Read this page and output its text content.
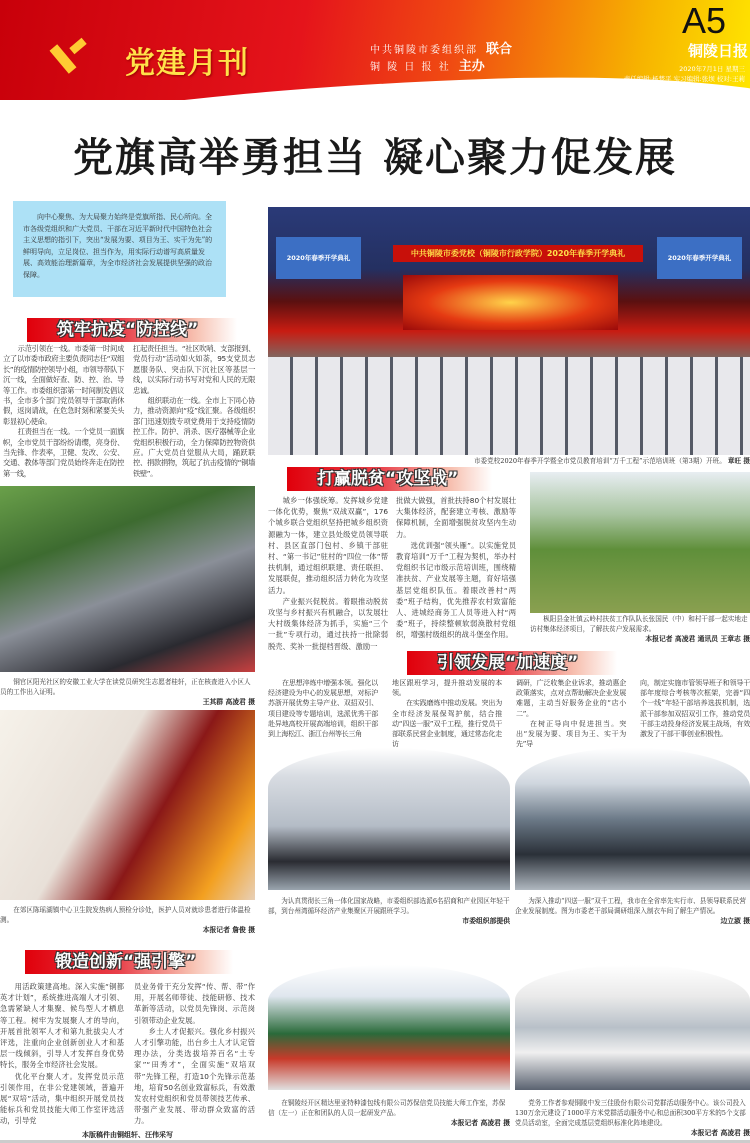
党建月刊	中共铜陵市委组织部 联合
铜 陵 日 报 社 主办
A5
铜陵日报
2020年7月1日 星期三
责任编辑:杨梦平 实习编辑:张坝 校对:王莉
党旗高举勇担当 凝心聚力促发展
向中心聚焦、为大局聚力始终是党旗所指、民心所向。全市各级党组织和广大党员、干部在习近平新时代中国特色社会主义思想的指引下，突出“发展为要、项目为王、实干为先”的鲜明导向，立足岗位、担当作为，用实际行动谱写高质量发展、高效能治理新篇章，为全市经济社会发展提供坚强的政治保障。
2020年春季开学典礼	2020年春季开学典礼
中共铜陵市委党校（铜陵市行政学院）2020年春季开学典礼
市委党校2020年春季开学暨全市党员教育培训“万千工程”示范培训班（第3期）开班。 章旺 摄
筑牢抗疫“防控线”

示范引领在一线。市委第一时间成立了以市委市政府主要负责同志任“双组长”的疫情防控领导小组，市领导带队下沉一线，全面做好查、防、控、治、导等工作。市委组织部第一时间制发倡议书，全市多个部门党员领导干部取消休假，返岗请战，在危急时刻和紧要关头彰显初心使命。

扛责担当在一线。一个党员一面旗帜，全市党员干部纷纷请缨，亮身份、当先锋、作表率，卫健、发改、公安、交通、教体等部门党员始终奔走在防控第一线，

扛起责任担当。“社区吹哨、支部报到、党员行动”活动如火如荼，95支党员志愿服务队、突击队下沉社区等基层一线，以实际行动书写对党和人民的无限忠诚。

组织联动在一线。全市上下同心协力，推动资源向“疫”线汇聚。各级组织部门迅速划拨专项党费用于支持疫情防控工作。防护、消杀、医疗器械等企业党组织积极行动，全力保障防控物资供应。广大党员自觉服从大局，踊跃联控、捐款捐物，筑起了抗击疫情的“铜墙铁壁”。

铜官区阳光社区的安徽工业大学在读党员研究生志愿者桂轩，正在核查进入小区人员的工作出入证明。
王其群 高凌君 摄
打赢脱贫“攻坚战”

城乡一体强统筹。发挥城乡党建一体化优势，聚焦“双战双赢”，176个城乡联合党组织坚持把城乡组织资源融为一体，建立县处级党员领导联村、县区直部门包村、乡镇干部驻村、“第一书记”驻村的“四位一体”帮扶机制，通过组织联建、责任联担、发展联促，推动组织活力转化为攻坚活力。

产业振兴促脱贫。着眼推动脱贫攻坚与乡村振兴有机融合，以发展壮大村级集体经济为抓手，实施“三个一批”专项行动，通过扶持一批除弱脱壳、奖补一批提档晋级、激励一

批做大做强，首批扶持80个村发展壮大集体经济，配套建立考核、激励等保障机制，全面增强脱贫攻坚内生动力。

选优训强“领头雁”。以实施党员教育培训“万千”工程为契机，举办村党组织书记市级示范培训班，围绕精准扶贫、产业发展等主题，育好培强基层党组织队伍。着眼改善村“两委”班子结构，优先推荐农村致富能人、进城经商务工人员等进入村“两委”班子，持续整顿软弱涣散村党组织，增强村级组织的战斗堡垒作用。

枞阳县金社镇云岭村扶贫工作队队长张国民（中）和村干部一起实地走访村集体经济项目，了解扶贫户发展需求。
本报记者 高凌君 通讯员 王章志 摄
在郊区陈瑶湖镇中心卫生院发热病人预检分诊处，医护人员对就诊患者进行体温检测。
本报记者 詹俊 摄
引领发展“加速度”

在思想淬炼中增强本领。强化以经济建设为中心的发展思想，对标沪苏浙开展优势主导产业、双招双引、项目建设等专题培训，选派优秀干部赴异地高校开展高端培训，组织干部到上海松江、浙江台州等长三角

地区跟班学习，提升推动发展的本领。

在实践磨炼中推动发展。突出为全市经济发展保驾护航，结合推动“四送一服”双千工程，推行党员干部联系民营企业制度，通过常态化走访

调研，广泛收集企业诉求，推动惠企政策落实，点对点帮助解决企业发展难题，主动当好服务企业的“店小二”。

在树正导向中促进担当。突出“发展为要、项目为王、实干为先”导

向，制定实施市管领导班子和领导干部年度综合考核等次框架，完善“四个一线”年轻干部培养选拔机制，选派干部参加双招双引工作，推动党员干部主动投身经济发展主战场，有效激发了干部干事创业积极性。

为认真贯彻长三角一体化国家战略，市委组织部选派6名招商和产业园区年轻干部，到台州湾循环经济产业集聚区开展跟班学习。
市委组织部提供
为深入推动“四送一服”双千工程，我市在全省率先实行市、县领导联系民营企业发展制度。图为市委老干部局调研组深入制衣车间了解生产情况。
边立淑 摄
锻造创新“强引擎”

用活政策建高地。深入实施“铜都英才计划”，系统推进高端人才引领、急需紧缺人才集聚、候鸟型人才栖息等工程。树牢为发展聚人才的导向，开展首批领军人才和第九批拔尖人才评选，注重向企业创新创业人才和基层一线倾斜，引导人才发挥自身优势特长，服务全市经济社会发展。

优化平台聚人才。发挥党员示范引领作用，在非公党建领域，普遍开展“双培”活动，集中组织开展党员技能标兵和党员技能大师工作室评选活动，引导党

员业务骨干充分发挥“传、帮、带”作用，开展名师带徒、技能研修、技术革新等活动，以党员先锋岗、示范岗引领带动企业发展。

乡土人才促振兴。强化乡村振兴人才引擎功能，出台乡土人才认定管理办法，分类选拔培养百名“土专家”“田秀才”，全面实施“双培双带”先锋工程，打造10个先锋示范基地，培育50名创业致富标兵，有效激发农村党组织和党员带领技艺传承、带强产业发展、带动群众致富的活力。

本版稿件由铜组轩、汪伟采写
在铜陵经开区精达里亚特种漆包线有限公司苏保信党员技能大师工作室，苏保信（左一）正在和团队的人员一起研发产品。
本报记者 高凌君 摄
党务工作者参观铜陵中发三佳股份有限公司党群活动服务中心。该公司投入130万余元建设了1000平方米党群活动服务中心和总面积300平方米的5个支部党员活动室，全面完成基层党组织标准化阵地建设。
本报记者 高凌君 摄
